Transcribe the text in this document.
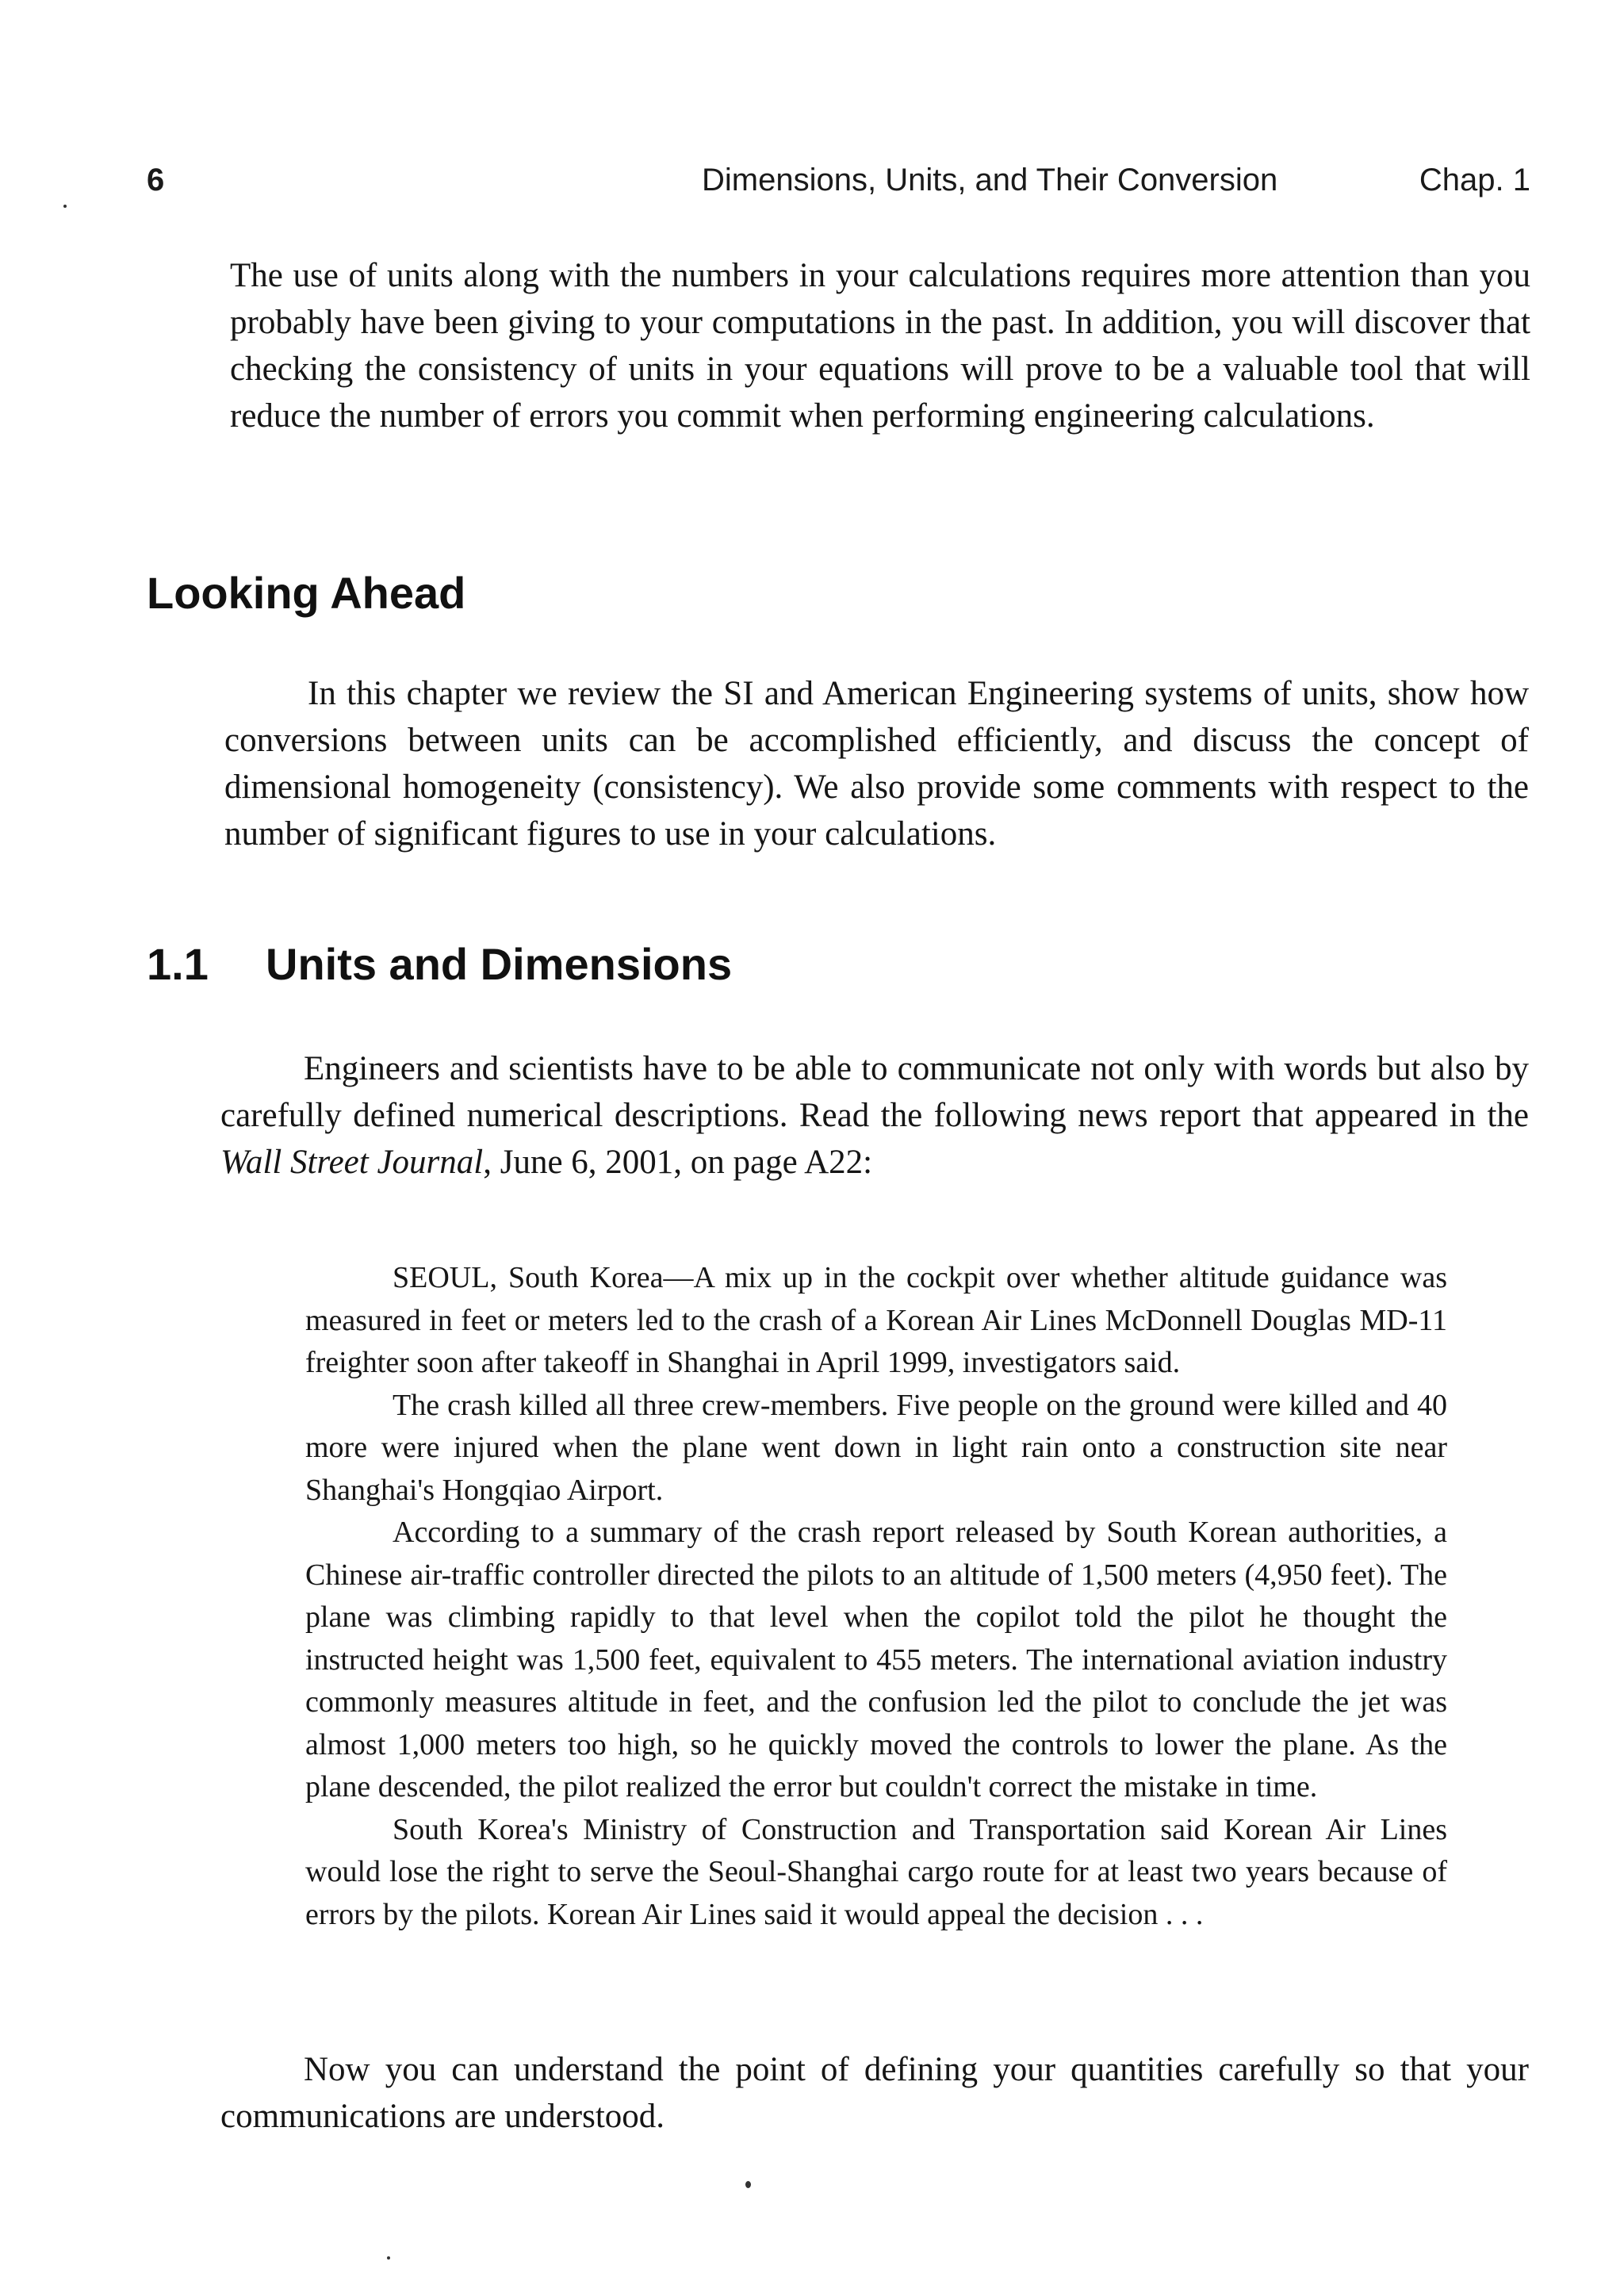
6	Dimensions, Units, and Their Conversion	Chap. 1

The use of units along with the numbers in your calculations requires more attention than you probably have been giving to your computations in the past. In addition, you will discover that checking the consistency of units in your equations will prove to be a valuable tool that will reduce the number of errors you commit when performing engineering calculations.

Looking Ahead

In this chapter we review the SI and American Engineering systems of units, show how conversions between units can be accomplished efficiently, and discuss the concept of dimensional homogeneity (consistency). We also provide some comments with respect to the number of significant figures to use in your calculations.

1.1 Units and Dimensions

Engineers and scientists have to be able to communicate not only with words but also by carefully defined numerical descriptions. Read the following news report that appeared in the Wall Street Journal, June 6, 2001, on page A22:

SEOUL, South Korea—A mix up in the cockpit over whether altitude guidance was measured in feet or meters led to the crash of a Korean Air Lines McDonnell Douglas MD-11 freighter soon after takeoff in Shanghai in April 1999, investigators said.

The crash killed all three crew-members. Five people on the ground were killed and 40 more were injured when the plane went down in light rain onto a construction site near Shanghai's Hongqiao Airport.

According to a summary of the crash report released by South Korean authorities, a Chinese air-traffic controller directed the pilots to an altitude of 1,500 meters (4,950 feet). The plane was climbing rapidly to that level when the copilot told the pilot he thought the instructed height was 1,500 feet, equivalent to 455 meters. The international aviation industry commonly measures altitude in feet, and the confusion led the pilot to conclude the jet was almost 1,000 meters too high, so he quickly moved the controls to lower the plane. As the plane descended, the pilot realized the error but couldn't correct the mistake in time.

South Korea's Ministry of Construction and Transportation said Korean Air Lines would lose the right to serve the Seoul-Shanghai cargo route for at least two years because of errors by the pilots. Korean Air Lines said it would appeal the decision . . .

Now you can understand the point of defining your quantities carefully so that your communications are understood.
